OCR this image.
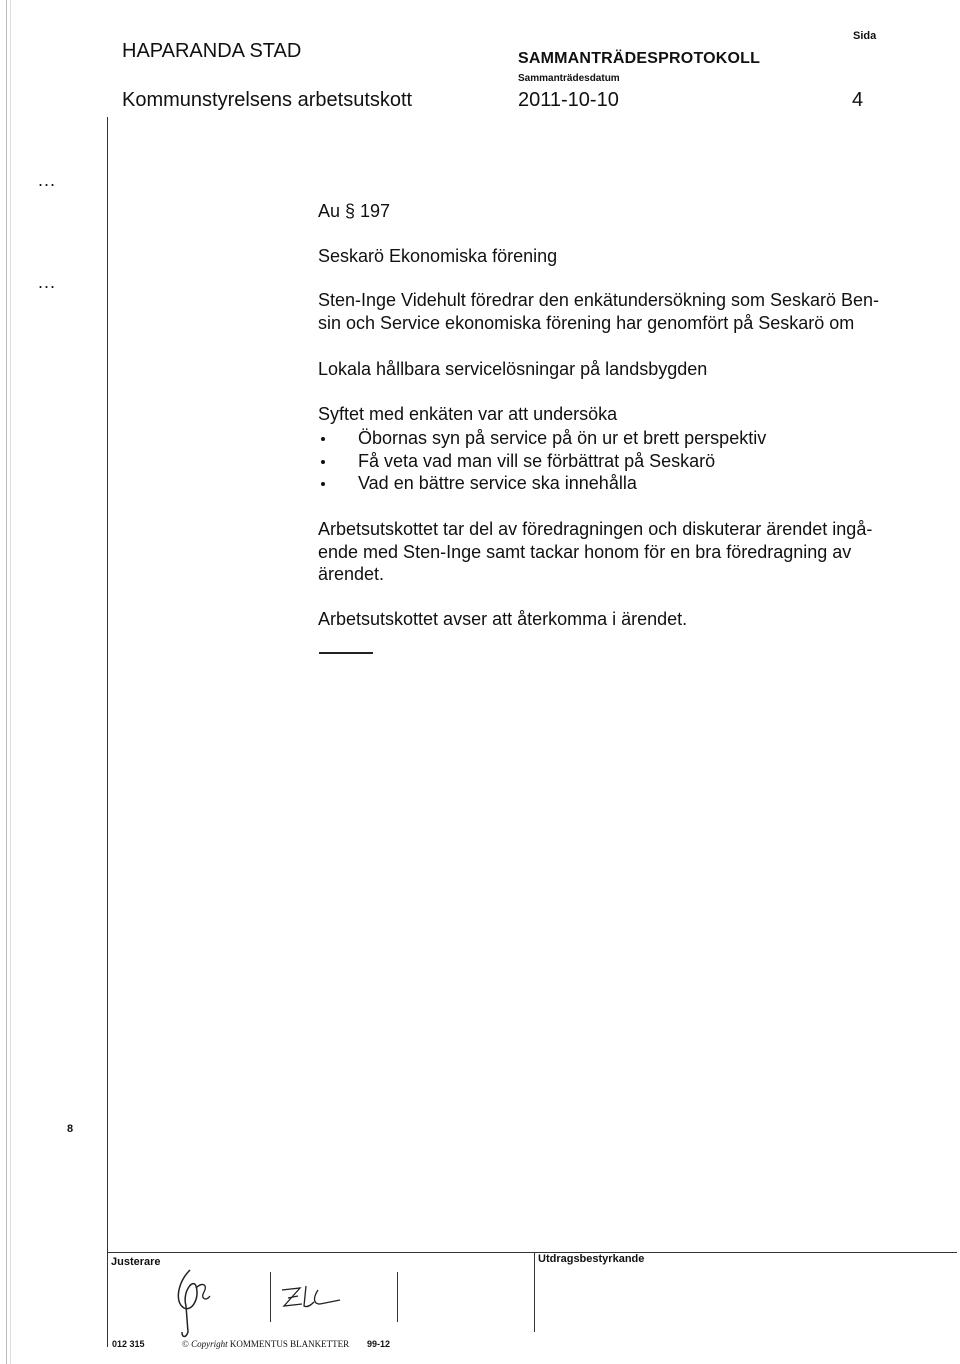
HAPARANDA STAD
Kommunstyrelsens arbetsutskott
SAMMANTRÄDESPROTOKOLL
Sammanträdesdatum
2011-10-10
Sida
4
...
...
8
Au § 197
Seskarö Ekonomiska förening
Sten-Inge Videhult föredrar den enkätundersökning som Seskarö Ben-
sin och Service ekonomiska förening har genomfört på Seskarö om
Lokala hållbara servicelösningar på landsbygden
Syftet med enkäten var att undersöka
Öbornas syn på service på ön ur et brett perspektiv
Få veta vad man vill se förbättrat på Seskarö
Vad en bättre service ska innehålla
Arbetsutskottet tar del av föredragningen och diskuterar ärendet ingå-
ende med Sten-Inge samt tackar honom för en bra föredragning av
ärendet.
Arbetsutskottet avser att återkomma i ärendet.
Justerare	Utdragsbestyrkande
012 315	© Copyright KOMMENTUS BLANKETTER 99-12
